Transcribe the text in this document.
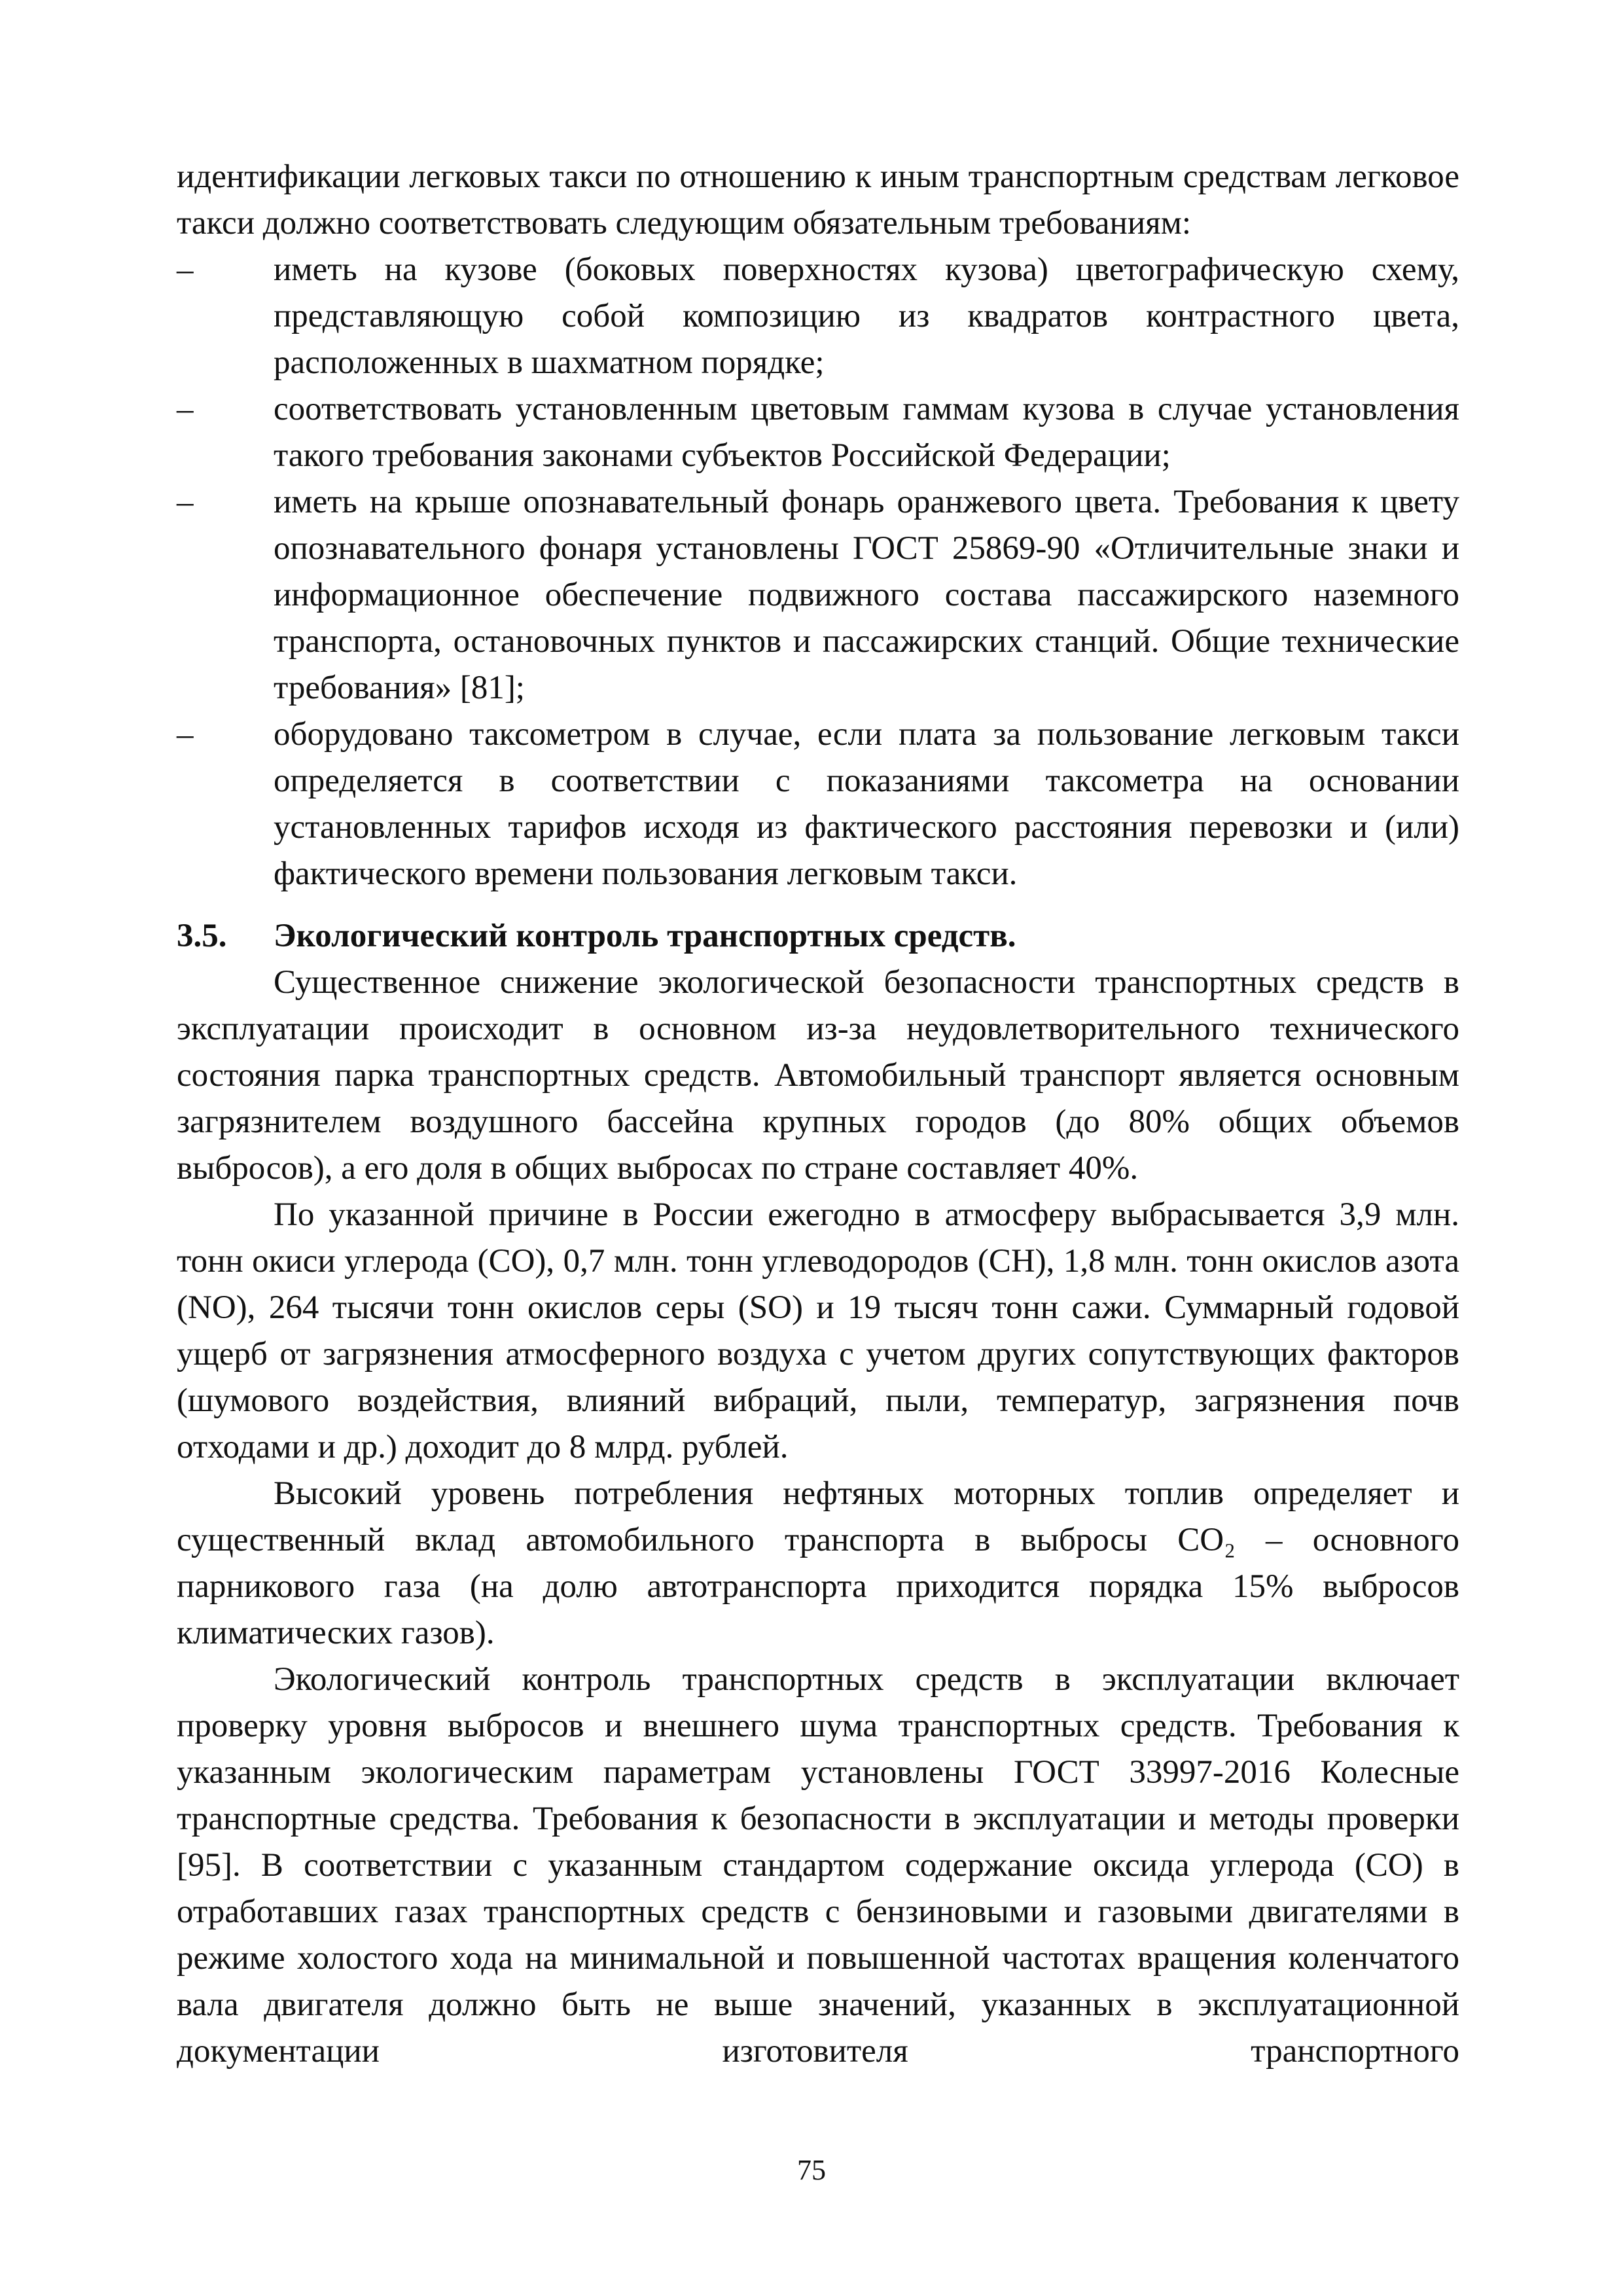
идентификации легковых такси по отношению к иным транспортным средствам легковое такси должно соответствовать следующим обязательным требованиям:

– иметь на кузове (боковых поверхностях кузова) цветографическую схему, представляющую собой композицию из квадратов контрастного цвета, расположенных в шахматном порядке;
– соответствовать установленным цветовым гаммам кузова в случае установления такого требования законами субъектов Российской Федерации;
– иметь на крыше опознавательный фонарь оранжевого цвета. Требования к цвету опознавательного фонаря установлены ГОСТ 25869-90 «Отличительные знаки и информационное обеспечение подвижного состава пассажирского наземного транспорта, остановочных пунктов и пассажирских станций. Общие технические требования» [81];
– оборудовано таксометром в случае, если плата за пользование легковым такси определяется в соответствии с показаниями таксометра на основании установленных тарифов исходя из фактического расстояния перевозки и (или) фактического времени пользования легковым такси.
3.5. Экологический контроль транспортных средств.

Существенное снижение экологической безопасности транспортных средств в эксплуатации происходит в основном из-за неудовлетворительного технического состояния парка транспортных средств. Автомобильный транспорт является основным загрязнителем воздушного бассейна крупных городов (до 80% общих объемов выбросов), а его доля в общих выбросах по стране составляет 40%.

По указанной причине в России ежегодно в атмосферу выбрасывается 3,9 млн. тонн окиси углерода (CO), 0,7 млн. тонн углеводородов (CH), 1,8 млн. тонн окислов азота (NO), 264 тысячи тонн окислов серы (SO) и 19 тысяч тонн сажи. Суммарный годовой ущерб от загрязнения атмосферного воздуха с учетом других сопутствующих факторов (шумового воздействия, влияний вибраций, пыли, температур, загрязнения почв отходами и др.) доходит до 8 млрд. рублей.

Высокий уровень потребления нефтяных моторных топлив определяет и существенный вклад автомобильного транспорта в выбросы CO₂ – основного парникового газа (на долю автотранспорта приходится порядка 15% выбросов климатических газов).

Экологический контроль транспортных средств в эксплуатации включает проверку уровня выбросов и внешнего шума транспортных средств. Требования к указанным экологическим параметрам установлены ГОСТ 33997-2016 Колесные транспортные средства. Требования к безопасности в эксплуатации и методы проверки [95]. В соответствии с указанным стандартом содержание оксида углерода (CO) в отработавших газах транспортных средств с бензиновыми и газовыми двигателями в режиме холостого хода на минимальной и повышенной частотах вращения коленчатого вала двигателя должно быть не выше значений, указанных в эксплуатационной документации изготовителя транспортного

75
